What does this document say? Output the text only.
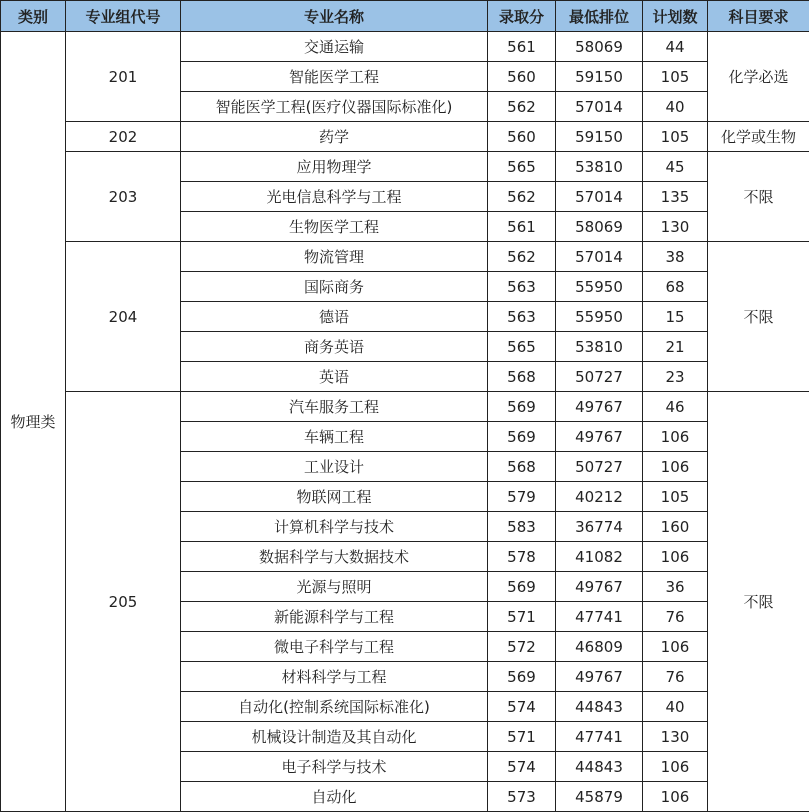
类别	专业组代号	专业名称	录取分	最低排位	计划数	科目要求
物理类	201	交通运输	561	58069	44	化学必选
		智能医学工程	560	59150	105	
		智能医学工程(医疗仪器国际标准化)	562	57014	40	
	202	药学	560	59150	105	化学或生物
	203	应用物理学	565	53810	45	不限
		光电信息科学与工程	562	57014	135	
		生物医学工程	561	58069	130	
	204	物流管理	562	57014	38	不限
		国际商务	563	55950	68	
		德语	563	55950	15	
		商务英语	565	53810	21	
		英语	568	50727	23	
	205	汽车服务工程	569	49767	46	不限
		车辆工程	569	49767	106	
		工业设计	568	50727	106	
		物联网工程	579	40212	105	
		计算机科学与技术	583	36774	160	
		数据科学与大数据技术	578	41082	106	
		光源与照明	569	49767	36	
		新能源科学与工程	571	47741	76	
		微电子科学与工程	572	46809	106	
		材料科学与工程	569	49767	76	
		自动化(控制系统国际标准化)	574	44843	40	
		机械设计制造及其自动化	571	47741	130	
		电子科学与技术	574	44843	106	
		自动化	573	45879	106	
